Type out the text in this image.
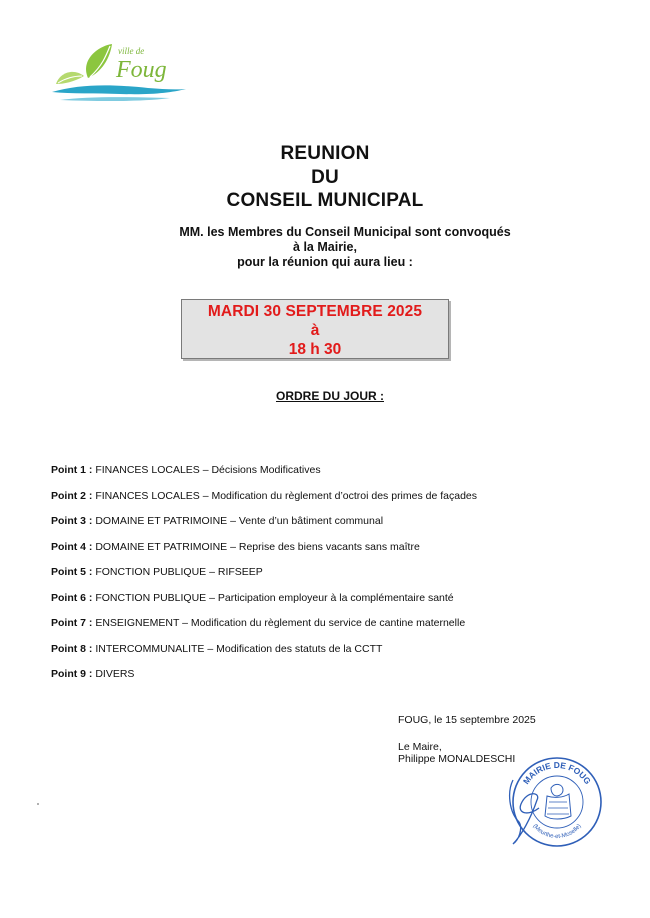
ville de
Foug
REUNION
DU
CONSEIL MUNICIPAL
MM. les Membres du Conseil Municipal sont convoqués
à la Mairie,
pour la réunion qui aura lieu :
MARDI 30 SEPTEMBRE 2025
à
18 h 30
ORDRE DU JOUR :
Point 1 : FINANCES LOCALES – Décisions Modificatives
Point 2 : FINANCES LOCALES – Modification du règlement d’octroi des primes de façades
Point 3 : DOMAINE ET PATRIMOINE – Vente d’un bâtiment communal
Point 4 : DOMAINE ET PATRIMOINE – Reprise des biens vacants sans maître
Point 5 : FONCTION PUBLIQUE – RIFSEEP
Point 6 : FONCTION PUBLIQUE – Participation employeur à la complémentaire santé
Point 7 : ENSEIGNEMENT – Modification du règlement du service de cantine maternelle
Point 8 : INTERCOMMUNALITE – Modification des statuts de la CCTT
Point 9 : DIVERS
FOUG, le 15 septembre 2025
Le Maire,
Philippe MONALDESCHI
MAIRIE DE FOUG
(Meurthe-et-Moselle)
